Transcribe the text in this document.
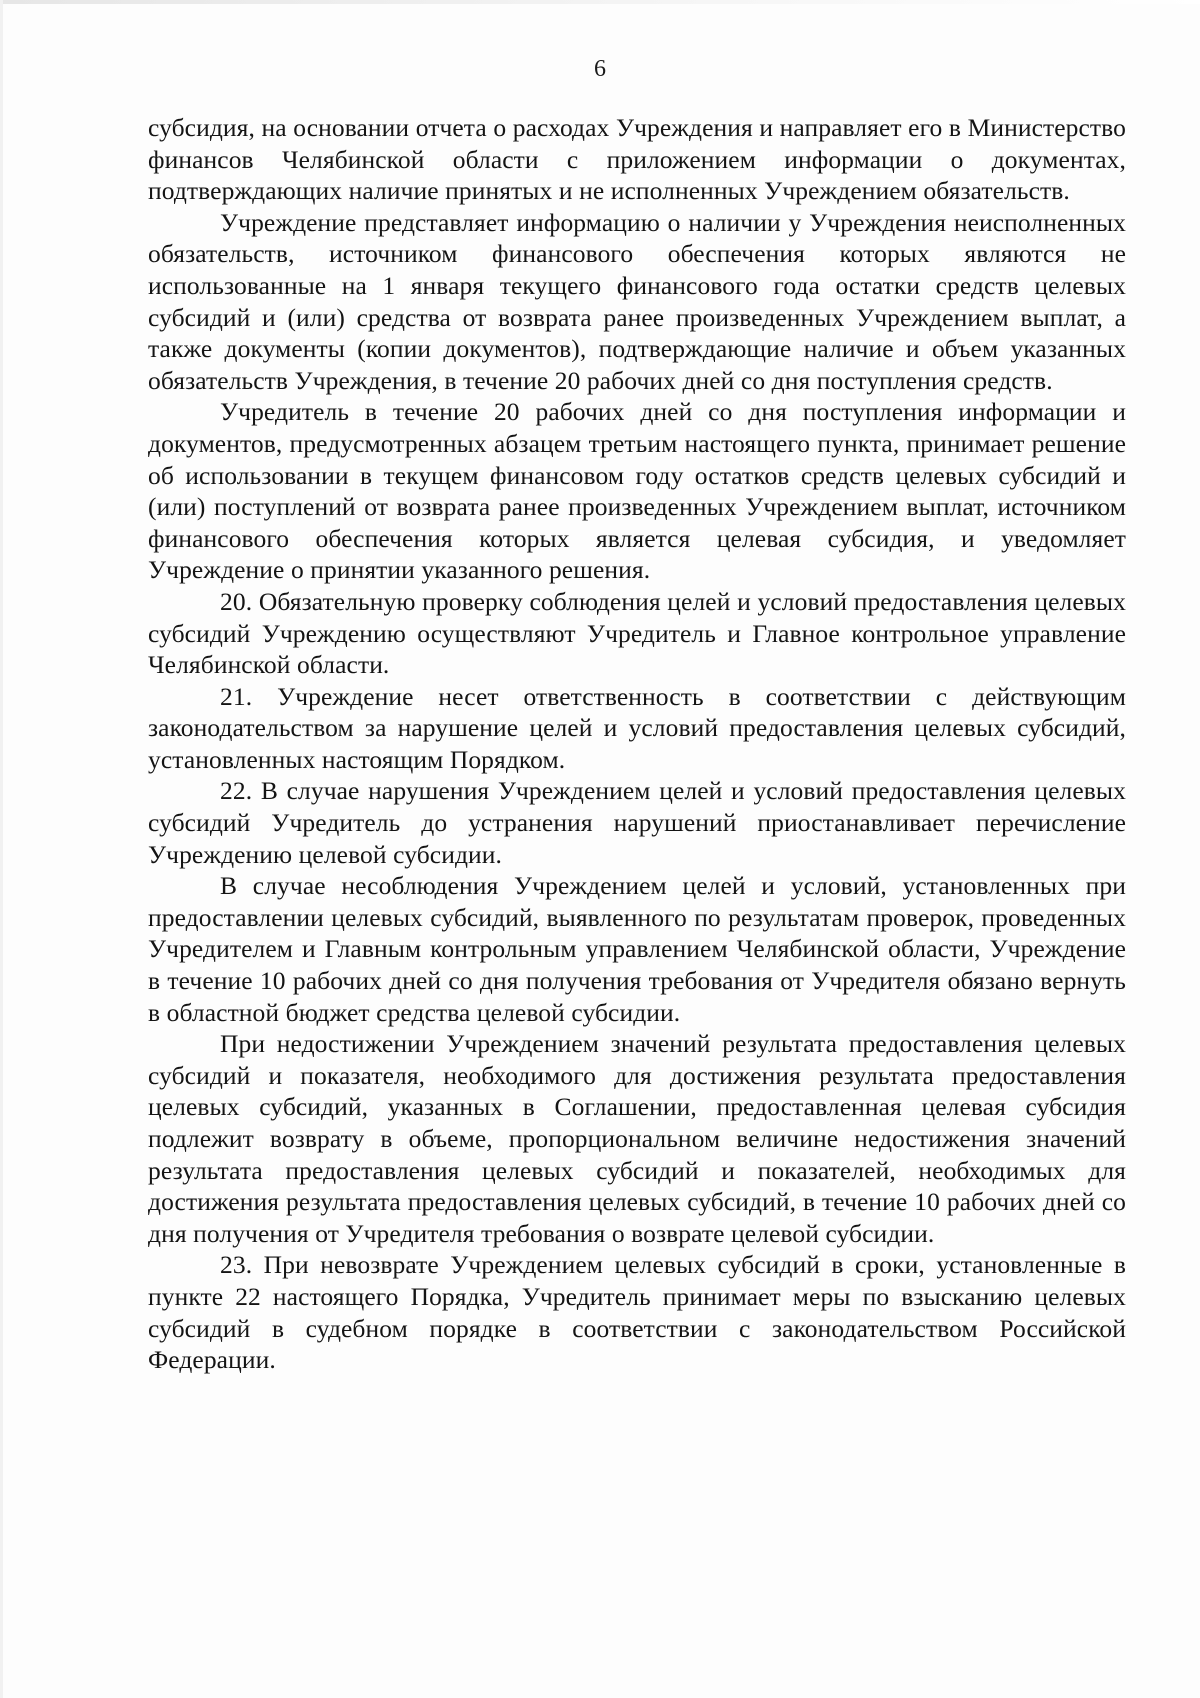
6

субсидия, на основании отчета о расходах Учреждения и направляет его в Министерство финансов Челябинской области с приложением информации о документах, подтверждающих наличие принятых и не исполненных Учреждением обязательств.

Учреждение представляет информацию о наличии у Учреждения неисполненных обязательств, источником финансового обеспечения которых являются не использованные на 1 января текущего финансового года остатки средств целевых субсидий и (или) средства от возврата ранее произведенных Учреждением выплат, а также документы (копии документов), подтверждающие наличие и объем указанных обязательств Учреждения, в течение 20 рабочих дней со дня поступления средств.

Учредитель в течение 20 рабочих дней со дня поступления информации и документов, предусмотренных абзацем третьим настоящего пункта, принимает решение об использовании в текущем финансовом году остатков средств целевых субсидий и (или) поступлений от возврата ранее произведенных Учреждением выплат, источником финансового обеспечения которых является целевая субсидия, и уведомляет Учреждение о принятии указанного решения.

20. Обязательную проверку соблюдения целей и условий предоставления целевых субсидий Учреждению осуществляют Учредитель и Главное контрольное управление Челябинской области.

21. Учреждение несет ответственность в соответствии с действующим законодательством за нарушение целей и условий предоставления целевых субсидий, установленных настоящим Порядком.

22. В случае нарушения Учреждением целей и условий предоставления целевых субсидий Учредитель до устранения нарушений приостанавливает перечисление Учреждению целевой субсидии.

В случае несоблюдения Учреждением целей и условий, установленных при предоставлении целевых субсидий, выявленного по результатам проверок, проведенных Учредителем и Главным контрольным управлением Челябинской области, Учреждение в течение 10 рабочих дней со дня получения требования от Учредителя обязано вернуть в областной бюджет средства целевой субсидии.

При недостижении Учреждением значений результата предоставления целевых субсидий и показателя, необходимого для достижения результата предоставления целевых субсидий, указанных в Соглашении, предоставленная целевая субсидия подлежит возврату в объеме, пропорциональном величине недостижения значений результата предоставления целевых субсидий и показателей, необходимых для достижения результата предоставления целевых субсидий, в течение 10 рабочих дней со дня получения от Учредителя требования о возврате целевой субсидии.

23. При невозврате Учреждением целевых субсидий в сроки, установленные в пункте 22 настоящего Порядка, Учредитель принимает меры по взысканию целевых субсидий в судебном порядке в соответствии с законодательством Российской Федерации.
